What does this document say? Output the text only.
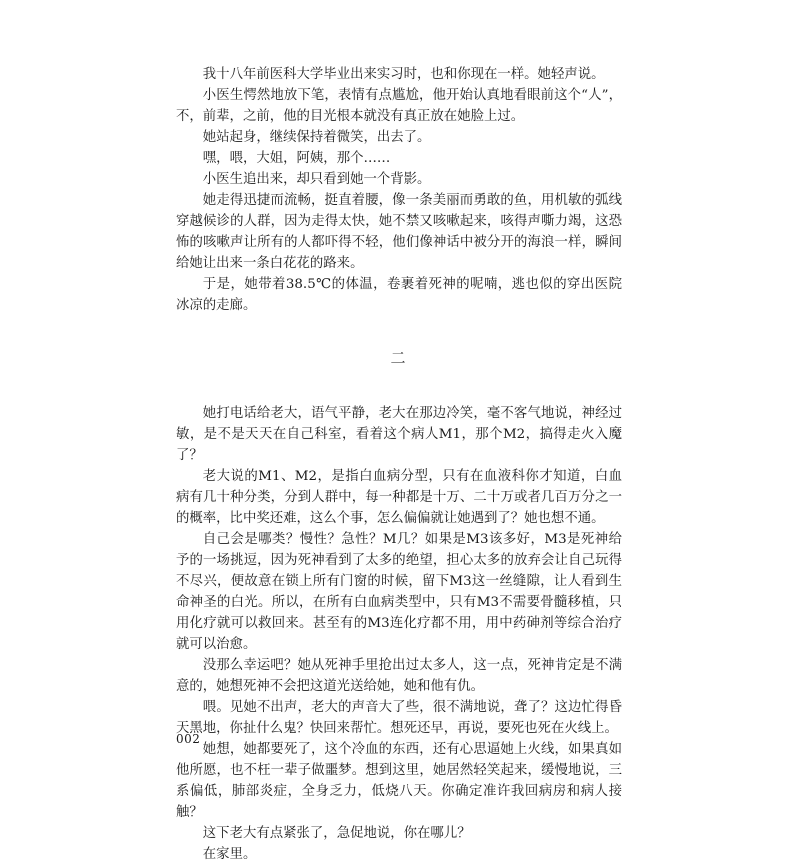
我十八年前医科大学毕业出来实习时，也和你现在一样。她轻声说。

小医生愕然地放下笔，表情有点尴尬，他开始认真地看眼前这个“人”，不，前辈，之前，他的目光根本就没有真正放在她脸上过。

她站起身，继续保持着微笑，出去了。

嘿，喂，大姐，阿姨，那个……

小医生追出来，却只看到她一个背影。

她走得迅捷而流畅，挺直着腰，像一条美丽而勇敢的鱼，用机敏的弧线穿越候诊的人群，因为走得太快，她不禁又咳嗽起来，咳得声嘶力竭，这恐怖的咳嗽声让所有的人都吓得不轻，他们像神话中被分开的海浪一样，瞬间给她让出来一条白花花的路来。

于是，她带着38.5℃的体温，卷裹着死神的呢喃，逃也似的穿出医院冰凉的走廊。

二

她打电话给老大，语气平静，老大在那边冷笑，毫不客气地说，神经过敏，是不是天天在自己科室，看着这个病人M1，那个M2，搞得走火入魔了？

老大说的M1、M2，是指白血病分型，只有在血液科你才知道，白血病有几十种分类，分到人群中，每一种都是十万、二十万或者几百万分之一的概率，比中奖还难，这么个事，怎么偏偏就让她遇到了？她也想不通。

自己会是哪类？慢性？急性？M几？如果是M3该多好，M3是死神给予的一场挑逗，因为死神看到了太多的绝望，担心太多的放弃会让自己玩得不尽兴，便故意在锁上所有门窗的时候，留下M3这一丝缝隙，让人看到生命神圣的白光。所以，在所有白血病类型中，只有M3不需要骨髓移植，只用化疗就可以救回来。甚至有的M3连化疗都不用，用中药砷剂等综合治疗就可以治愈。

没那么幸运吧？她从死神手里抢出过太多人，这一点，死神肯定是不满意的，她想死神不会把这道光送给她，她和他有仇。

喂。见她不出声，老大的声音大了些，很不满地说，聋了？这边忙得昏天黑地，你扯什么鬼？快回来帮忙。想死还早，再说，要死也死在火线上。

她想，她都要死了，这个冷血的东西，还有心思逼她上火线，如果真如他所愿，也不枉一辈子做噩梦。想到这里，她居然轻笑起来，缓慢地说，三系偏低，肺部炎症，全身乏力，低烧八天。你确定准许我回病房和病人接触？

这下老大有点紧张了，急促地说，你在哪儿？

在家里。

002
